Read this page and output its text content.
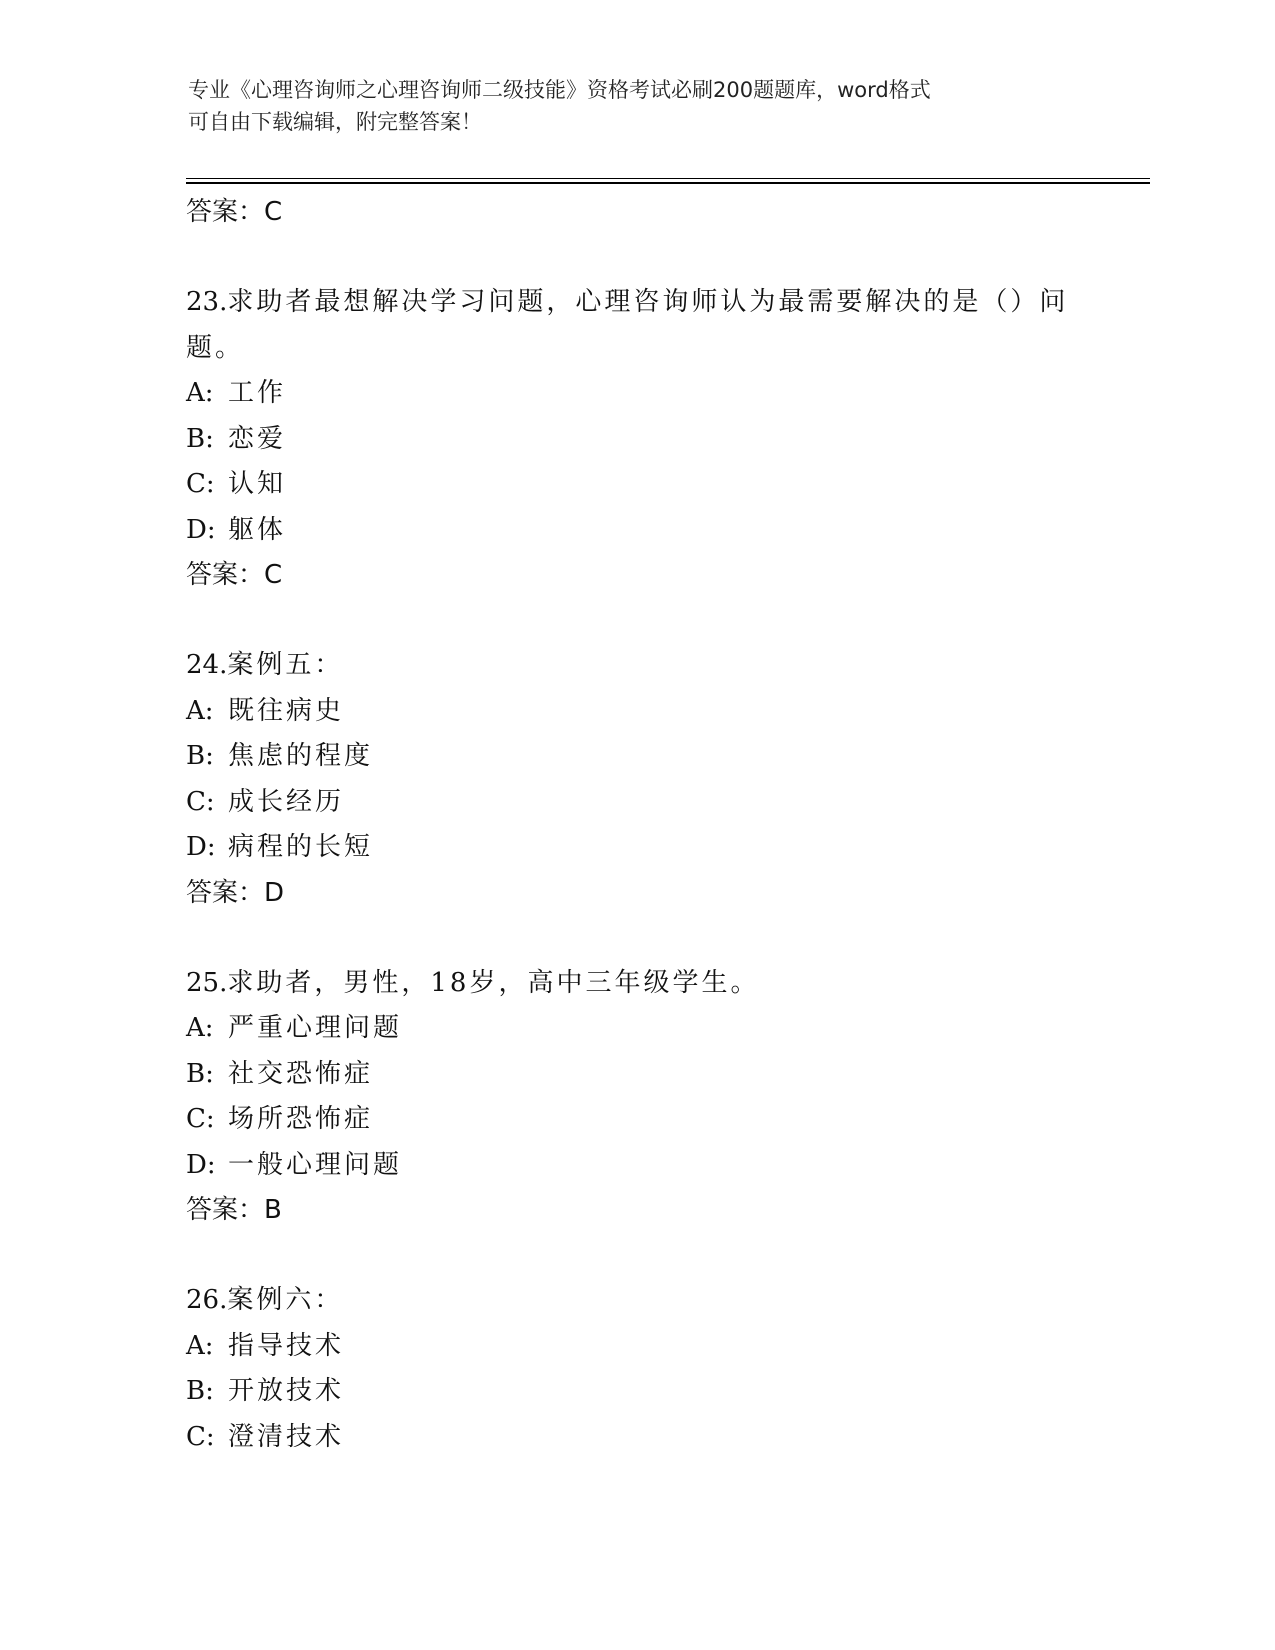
专业《心理咨询师之心理咨询师二级技能》资格考试必刷200题题库，word格式
可自由下载编辑，附完整答案！
答案：C
23.求助者最想解决学习问题，心理咨询师认为最需要解决的是（）问
题。
A: 工作
B: 恋爱
C: 认知
D: 躯体
答案：C
24.案例五：
A: 既往病史
B: 焦虑的程度
C: 成长经历
D: 病程的长短
答案：D
25.求助者，男性，18岁，高中三年级学生。
A: 严重心理问题
B: 社交恐怖症
C: 场所恐怖症
D: 一般心理问题
答案：B
26.案例六：
A: 指导技术
B: 开放技术
C: 澄清技术
